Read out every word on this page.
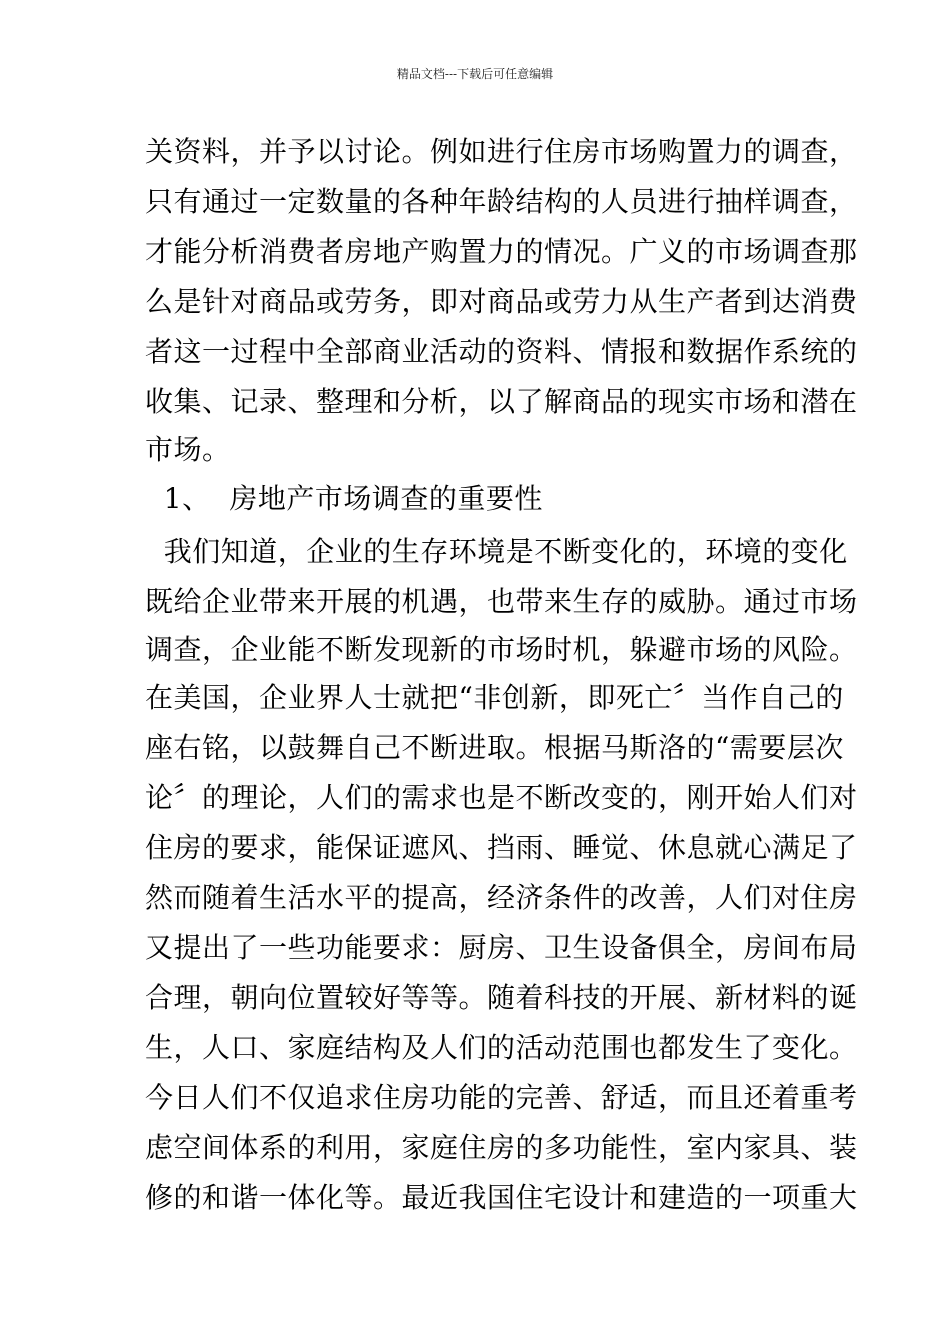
精品文档---下载后可任意编辑
关资料，并予以讨论。例如进行住房市场购置力的调查，
只有通过一定数量的各种年龄结构的人员进行抽样调查，
才能分析消费者房地产购置力的情况。广义的市场调查那
么是针对商品或劳务，即对商品或劳力从生产者到达消费
者这一过程中全部商业活动的资料、情报和数据作系统的
收集、记录、整理和分析，以了解商品的现实市场和潜在
市场。
1、  房地产市场调查的重要性
我们知道，企业的生存环境是不断变化的，环境的变化
既给企业带来开展的机遇，也带来生存的威胁。通过市场
调查，企业能不断发现新的市场时机，躲避市场的风险。
在美国，企业界人士就把“非创新，即死亡〞当作自己的
座右铭，以鼓舞自己不断进取。根据马斯洛的“需要层次
论〞的理论，人们的需求也是不断改变的，刚开始人们对
住房的要求，能保证遮风、挡雨、睡觉、休息就心满足了
然而随着生活水平的提高，经济条件的改善，人们对住房
又提出了一些功能要求：厨房、卫生设备俱全，房间布局
合理，朝向位置较好等等。随着科技的开展、新材料的诞
生，人口、家庭结构及人们的活动范围也都发生了变化。
今日人们不仅追求住房功能的完善、舒适，而且还着重考
虑空间体系的利用，家庭住房的多功能性，室内家具、装
修的和谐一体化等。最近我国住宅设计和建造的一项重大
